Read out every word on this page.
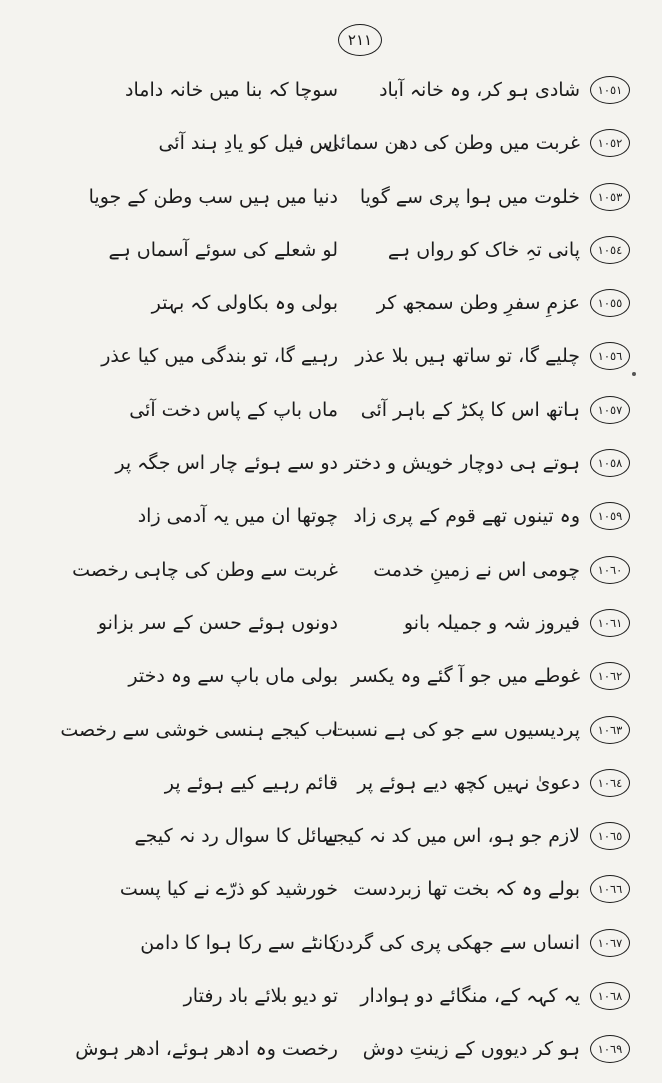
٢١١
١٠٥١
شادی ہو کر، وہ خانہ آباد
سوچا کہ بنا میں خانہ داماد
١٠٥٢
غربت میں وطن کی دھن سمائی
اس فیل کو یادِ ہند آئی
١٠٥٣
خلوت میں ہوا پری سے گویا
دنیا میں ہیں سب وطن کے جویا
١٠٥٤
پانی تہِ خاک کو رواں ہے
لو شعلے کی سوئے آسماں ہے
١٠٥٥
عزمِ سفرِ وطن سمجھ کر
بولی وہ بکاولی کہ بہتر
١٠٥٦
چلیے گا، تو ساتھ ہیں بلا عذر
رہیے گا، تو بندگی میں کیا عذر
١٠٥٧
ہاتھ اس کا پکڑ کے باہر آئی
ماں باپ کے پاس دخت آئی
١٠٥٨
ہوتے ہی دوچار خویش و دختر
دو سے ہوئے چار اس جگہ پر
١٠٥٩
وہ تینوں تھے قوم کے پری زاد
چوتھا ان میں یہ آدمی زاد
١٠٦٠
چومی اس نے زمینِ خدمت
غربت سے وطن کی چاہی رخصت
١٠٦١
فیروز شہ و جمیلہ بانو
دونوں ہوئے حسن کے سر بزانو
١٠٦٢
غوطے میں جو آ گئے وہ یکسر
بولی ماں باپ سے وہ دختر
١٠٦٣
پردیسیوں سے جو کی ہے نسبت
اب کیجے ہنسی خوشی سے رخصت
١٠٦٤
دعویٰ نہیں کچھ دیے ہوئے پر
قائم رہیے کیے ہوئے پر
١٠٦٥
لازم جو ہو، اس میں کد نہ کیجے
سائل کا سوال رد نہ کیجے
١٠٦٦
بولے وہ کہ بخت تھا زبردست
خورشید کو ذرّے نے کیا پست
١٠٦٧
انساں سے جھکی پری کی گردن
کانٹے سے رکا ہوا کا دامن
١٠٦٨
یہ کہہ کے، منگائے دو ہوادار
تو دیو بلائے باد رفتار
١٠٦٩
ہو کر دیووں کے زینتِ دوش
رخصت وہ ادھر ہوئے، ادھر ہوش
